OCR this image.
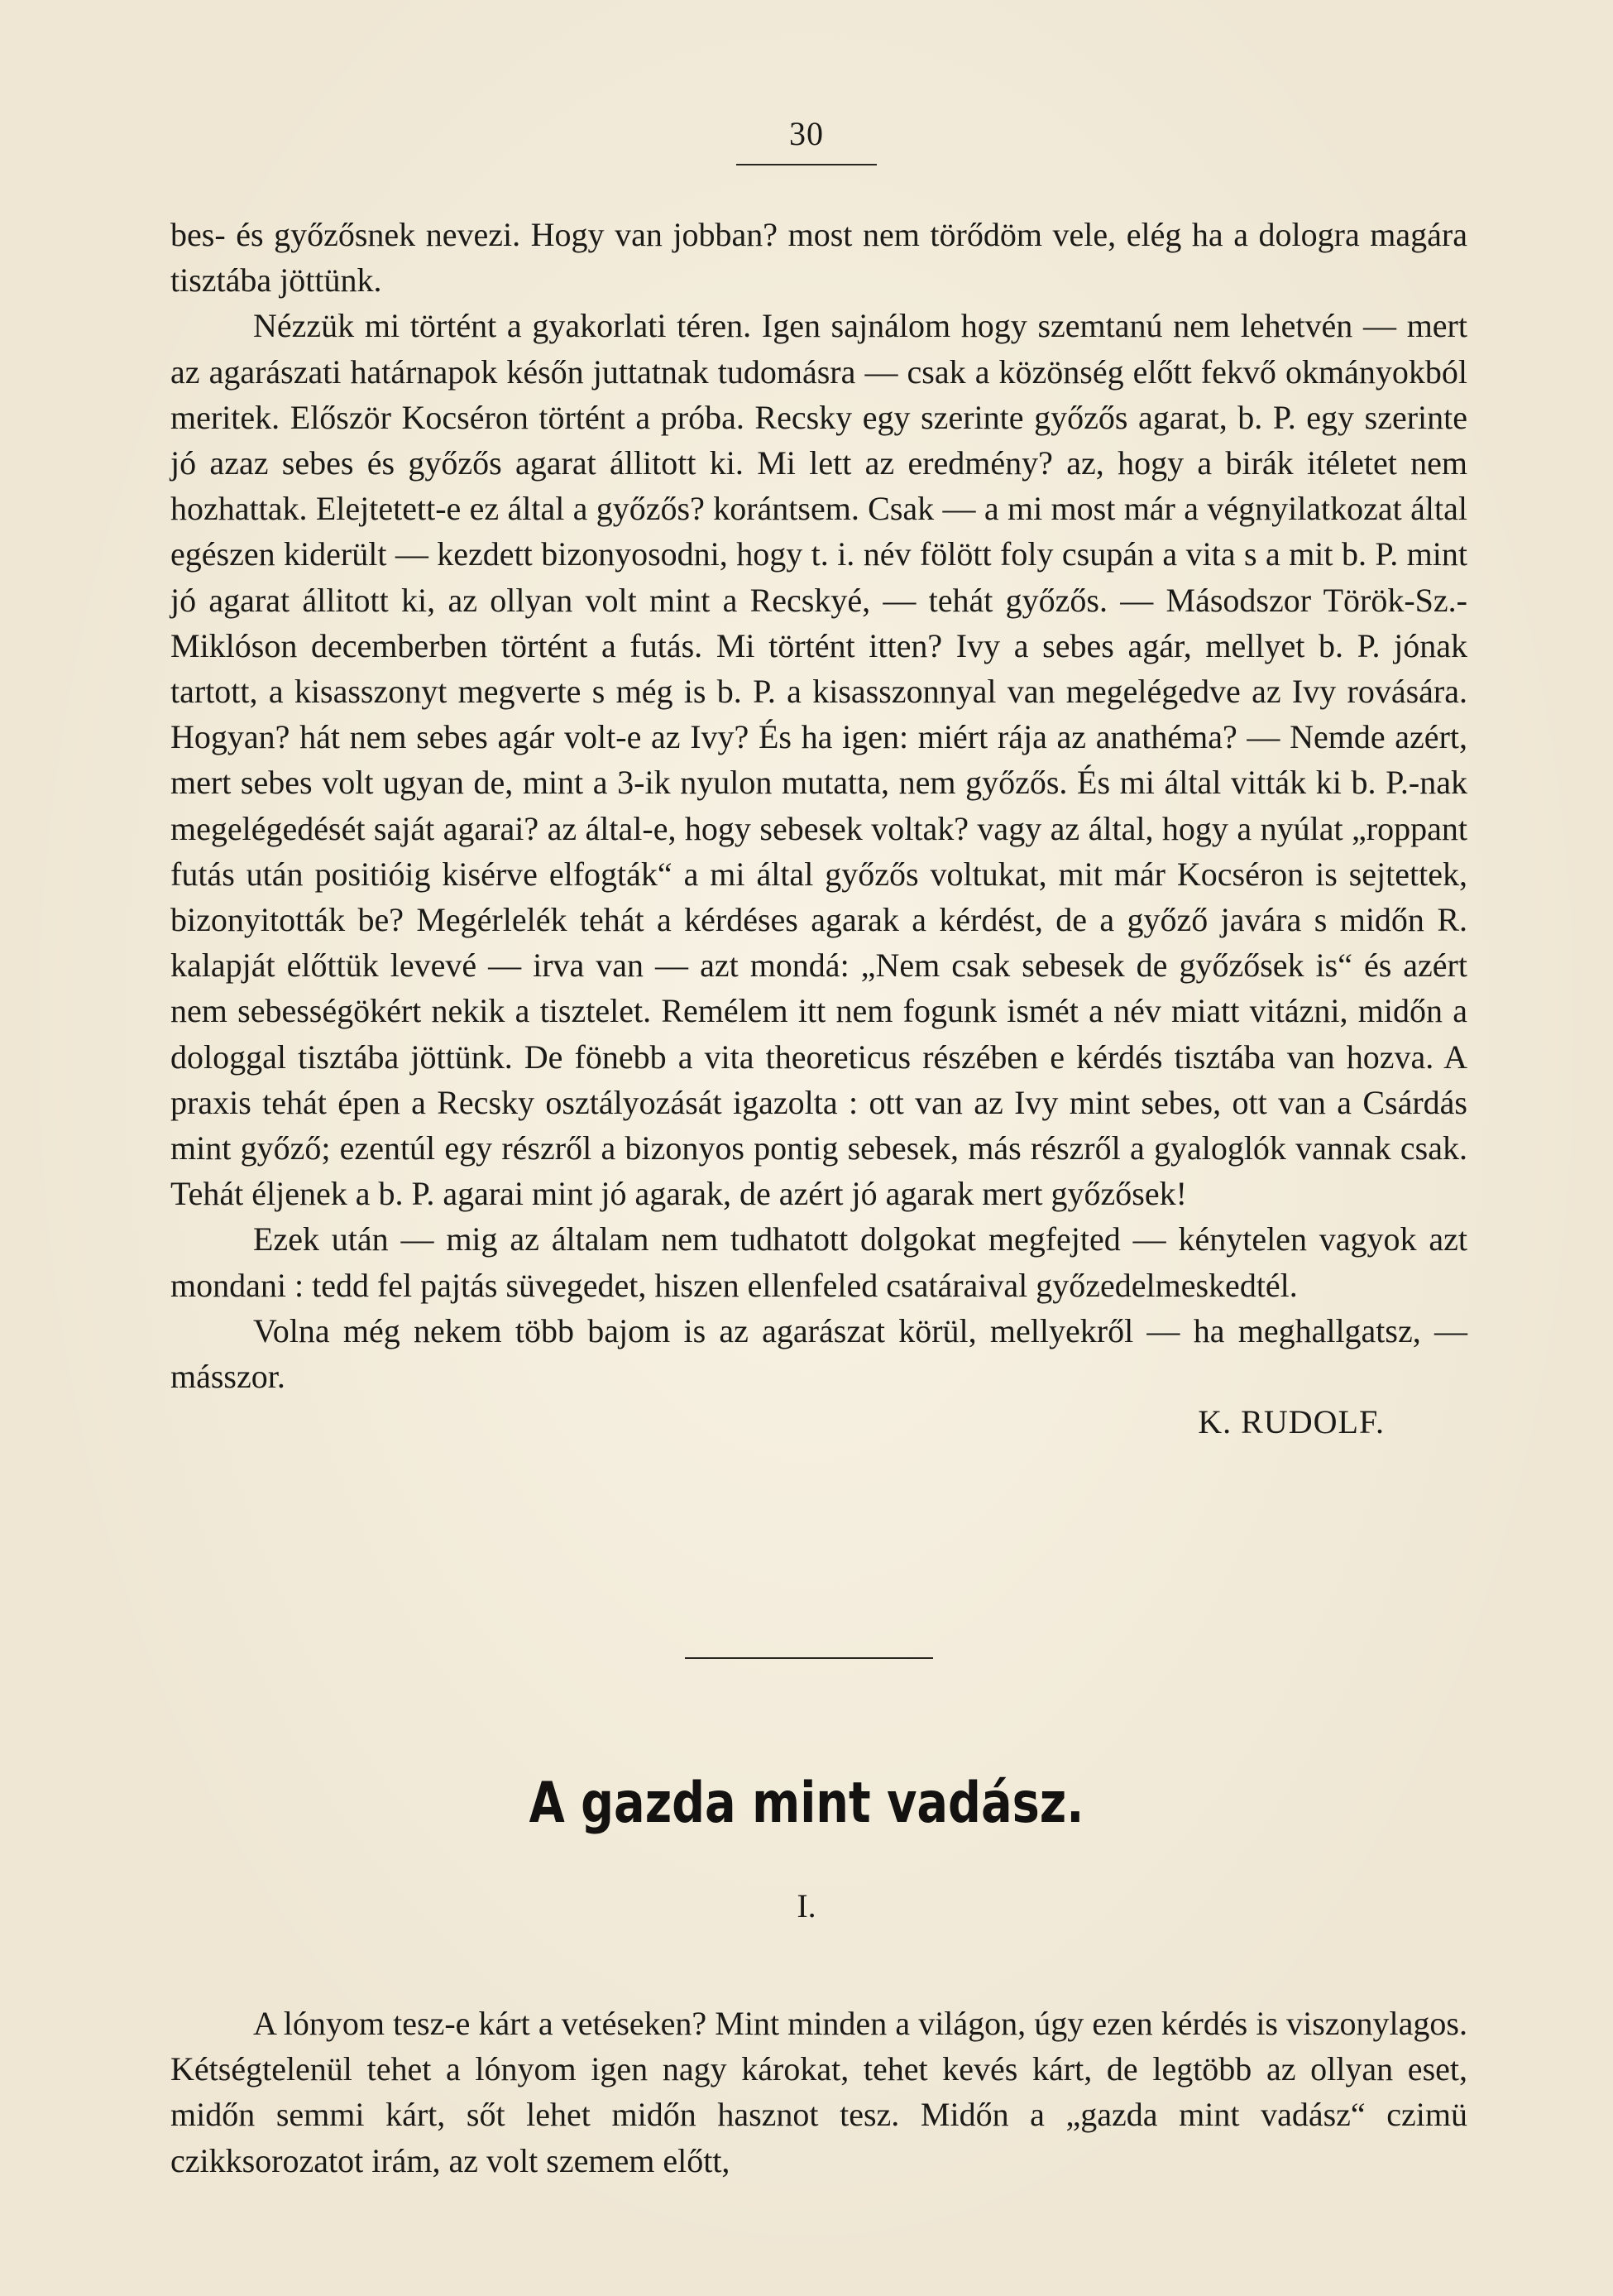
30

bes- és győzősnek nevezi. Hogy van jobban? most nem törődöm vele, elég ha a dologra magára tisztába jöttünk.

Nézzük mi történt a gyakorlati téren. Igen sajnálom hogy szemtanú nem lehetvén — mert az agarászati határnapok későn juttatnak tudomásra — csak a közönség előtt fekvő okmányokból meritek. Először Kocséron történt a próba. Recsky egy szerinte győzős agarat, b. P. egy szerinte jó azaz sebes és győzős agarat állitott ki. Mi lett az eredmény? az, hogy a birák itéletet nem hozhattak. Elejtetett-e ez által a győzős? korántsem. Csak — a mi most már a végnyilatkozat által egészen kiderült — kezdett bizonyosodni, hogy t. i. név fölött foly csupán a vita s a mit b. P. mint jó agarat állitott ki, az ollyan volt mint a Recskyé, — tehát győzős. — Másodszor Török-Sz.-Miklóson decemberben történt a futás. Mi történt itten? Ivy a sebes agár, mellyet b. P. jónak tartott, a kisasszonyt megverte s még is b. P. a kisasszonnyal van megelégedve az Ivy rovására. Hogyan? hát nem sebes agár volt-e az Ivy? És ha igen: miért rája az anathéma? — Nemde azért, mert sebes volt ugyan de, mint a 3-ik nyulon mutatta, nem győzős. És mi által vitták ki b. P.-nak megelégedését saját agarai? az által-e, hogy sebesek voltak? vagy az által, hogy a nyúlat „roppant futás után positióig kisérve elfogták“ a mi által győzős voltukat, mit már Kocséron is sejtettek, bizonyitották be? Megérlelék tehát a kérdéses agarak a kérdést, de a győző javára s midőn R. kalapját előttük levevé — irva van — azt mondá: „Nem csak sebesek de győzősek is“ és azért nem sebességökért nekik a tisztelet. Remélem itt nem fogunk ismét a név miatt vitázni, midőn a dologgal tisztába jöttünk. De fönebb a vita theoreticus részében e kérdés tisztába van hozva. A praxis tehát épen a Recsky osztályozását igazolta : ott van az Ivy mint sebes, ott van a Csárdás mint győző; ezentúl egy részről a bizonyos pontig sebesek, más részről a gyaloglók vannak csak. Tehát éljenek a b. P. agarai mint jó agarak, de azért jó agarak mert győzősek!

Ezek után — mig az általam nem tudhatott dolgokat megfejted — kénytelen vagyok azt mondani : tedd fel pajtás süvegedet, hiszen ellenfeled csatáraival győzedelmeskedtél.

Volna még nekem több bajom is az agarászat körül, mellyekről — ha meghallgatsz, — másszor.

K. RUDOLF.

A gazda mint vadász.
I.

A lónyom tesz-e kárt a vetéseken? Mint minden a világon, úgy ezen kérdés is viszonylagos. Kétségtelenül tehet a lónyom igen nagy károkat, tehet kevés kárt, de legtöbb az ollyan eset, midőn semmi kárt, sőt lehet midőn hasznot tesz. Midőn a „gazda mint vadász“ czimü czikksorozatot irám, az volt szemem előtt,
